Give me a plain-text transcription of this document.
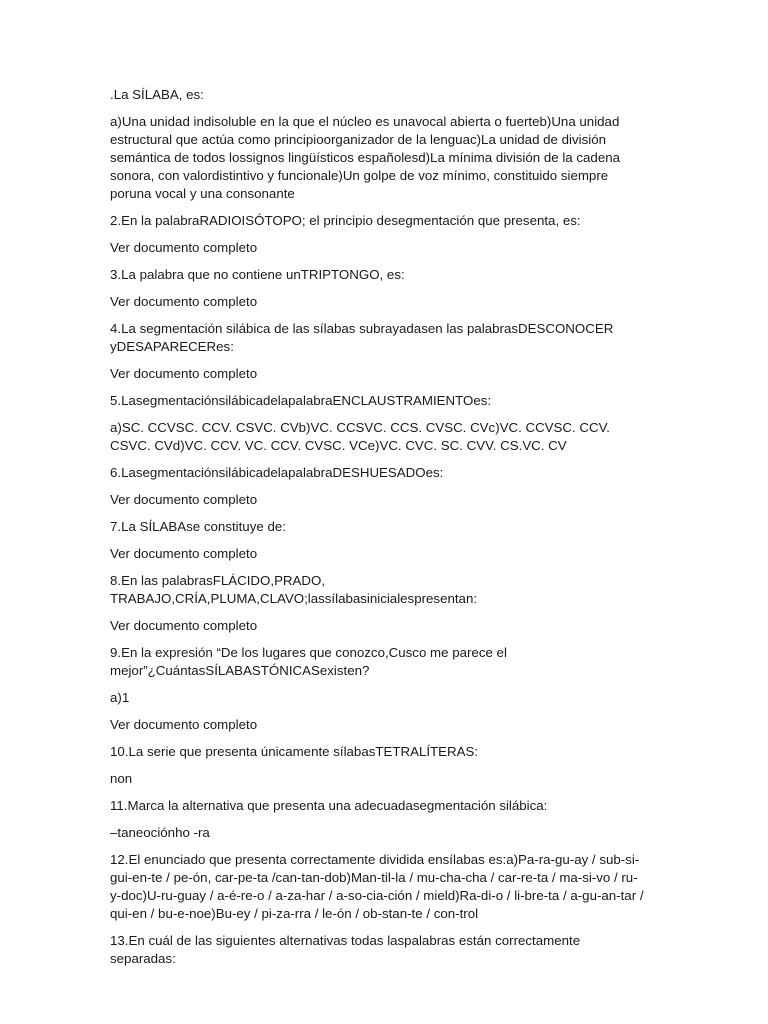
.La SÍLABA, es:

a)Una unidad indisoluble en la que el núcleo es unavocal abierta o fuerteb)Una unidad estructural que actúa como principioorganizador de la lenguac)La unidad de división semántica de todos lossignos lingüísticos españolesd)La mínima división de la cadena sonora, con valordistintivo y funcionale)Un golpe de voz mínimo, constituido siempre poruna vocal y una consonante

2.En la palabraRADIOISÓTOPO; el principio desegmentación que presenta, es:

Ver documento completo

3.La palabra que no contiene unTRIPTONGO, es:

Ver documento completo

4.La segmentación silábica de las sílabas subrayadasen las palabrasDESCONOCER yDESAPARECERes:

Ver documento completo

5.LasegmentaciónsilábicadelapalabraENCLAUSTRAMIENTOes:

a)SC. CCVSC. CCV. CSVC. CVb)VC. CCSVC. CCS. CVSC. CVc)VC. CCVSC. CCV. CSVC. CVd)VC. CCV. VC. CCV. CVSC. VCe)VC. CVC. SC. CVV. CS.VC. CV

6.LasegmentaciónsilábicadelapalabraDESHUESADOes:

Ver documento completo

7.La SÍLABAse constituye de:

Ver documento completo

8.En las palabrasFLÁCIDO,PRADO, TRABAJO,CRÍA,PLUMA,CLAVO;lassílabasinicialespresentan:

Ver documento completo

9.En la expresión “De los lugares que conozco,Cusco me parece el mejor”¿CuántasSÍLABASTÓNICASexisten?

a)1

Ver documento completo

10.La serie que presenta únicamente sílabasTETRALÍTERAS:

non

11.Marca la alternativa que presenta una adecuadasegmentación silábica:

–taneociónho -ra

12.El enunciado que presenta correctamente dividida ensílabas es:a)Pa-ra-gu-ay / sub-si-gui-en-te / pe-ón, car-pe-ta /can-tan-dob)Man-til-la / mu-cha-cha / car-re-ta / ma-si-vo / ru-y-doc)U-ru-guay / a-é-re-o / a-za-har / a-so-cia-ción / mield)Ra-di-o / li-bre-ta / a-gu-an-tar / qui-en / bu-e-noe)Bu-ey / pi-za-rra / le-ón / ob-stan-te / con-trol

13.En cuál de las siguientes alternativas todas laspalabras están correctamente separadas:
